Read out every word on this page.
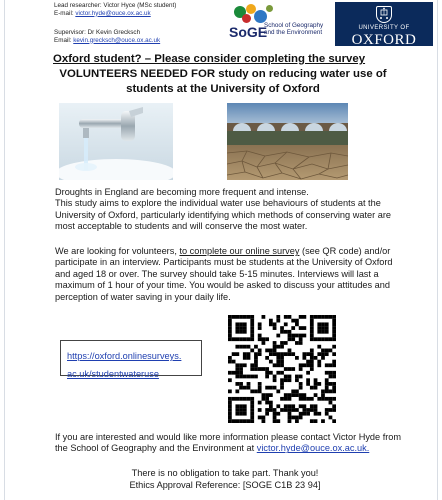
Lead researcher: Victor Hyce (MSc student)
E-mail: victor.hyde@ouce.ox.ac.uk
Supervisor: Dr Kevin Grecksch
Email: kevin.grecksch@ouce.ox.ac.uk
SoGE
School of Geography
and the Environment
UNIVERSITY OF
OXFORD
Oxford student? – Please consider completing the survey
VOLUNTEERS NEEDED FOR study on reducing water use of students at the University of Oxford
Droughts in England are becoming more frequent and intense.
This study aims to explore the individual water use behaviours of students at the University of Oxford, particularly identifying which methods of conserving water are most acceptable to students and will conserve the most water.
We are looking for volunteers, to complete our online survey (see QR code) and/or participate in an interview. Participants must be students at the University of Oxford and aged 18 or over. The survey should take 5-15 minutes. Interviews will last a maximum of 1 hour of your time. You would be asked to discuss your attitudes and perception of water saving in your daily life.
https://oxford.onlinesurveys.
ac.uk/studentwateruse
If you are interested and would like more information please contact Victor Hyde from the School of Geography and the Environment at victor.hyde@ouce.ox.ac.uk.
There is no obligation to take part. Thank you!
Ethics Approval Reference: [SOGE C1B 23 94]
